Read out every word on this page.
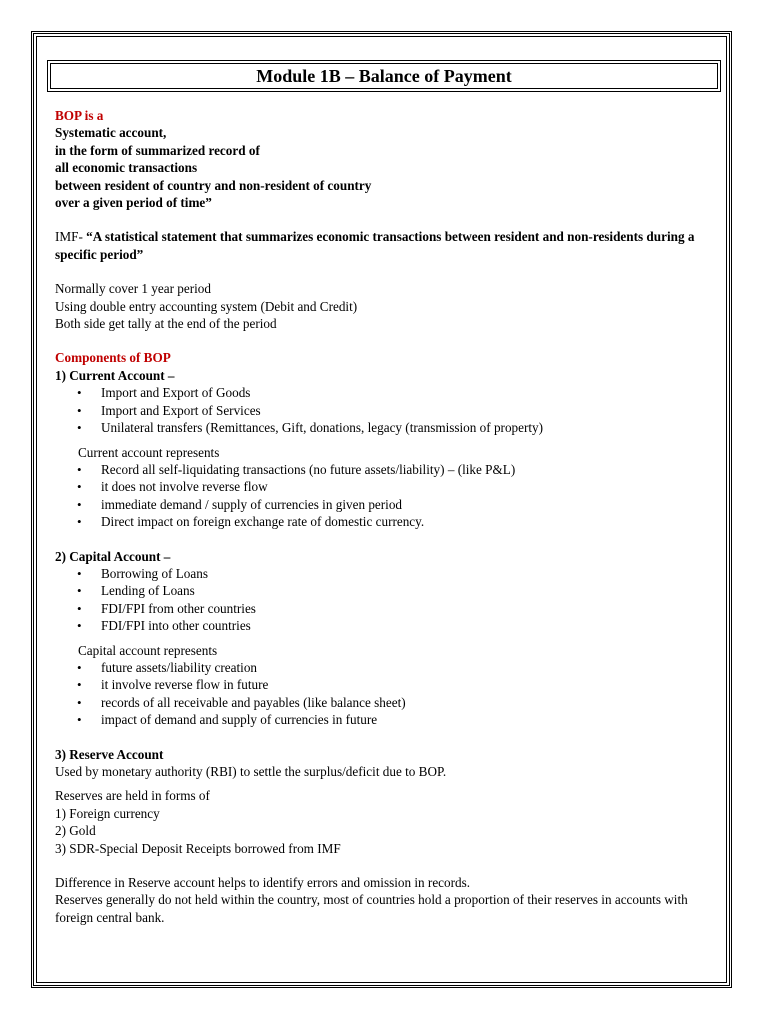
Module 1B – Balance of Payment

BOP is a

Systematic account,

in the form of summarized record of

all economic transactions

between resident of country and non-resident of country

over a given period of time”

IMF- “A statistical statement that summarizes economic transactions between resident and non-residents during a specific period”

Normally cover 1 year period

Using double entry accounting system (Debit and Credit)

Both side get tally at the end of the period

Components of BOP

1) Current Account –

• Import and Export of Goods
• Import and Export of Services
• Unilateral transfers (Remittances, Gift, donations, legacy (transmission of property)

Current account represents

• Record all self-liquidating transactions (no future assets/liability) – (like P&L)
• it does not involve reverse flow
• immediate demand / supply of currencies in given period
• Direct impact on foreign exchange rate of domestic currency.

2) Capital Account –

• Borrowing of Loans
• Lending of Loans
• FDI/FPI from other countries
• FDI/FPI into other countries

Capital account represents

• future assets/liability creation
• it involve reverse flow in future
• records of all receivable and payables (like balance sheet)
• impact of demand and supply of currencies in future

3) Reserve Account

Used by monetary authority (RBI) to settle the surplus/deficit due to BOP.

Reserves are held in forms of

1) Foreign currency

2) Gold

3) SDR-Special Deposit Receipts borrowed from IMF

Difference in Reserve account helps to identify errors and omission in records.

Reserves generally do not held within the country, most of countries hold a proportion of their reserves in accounts with foreign central bank.
